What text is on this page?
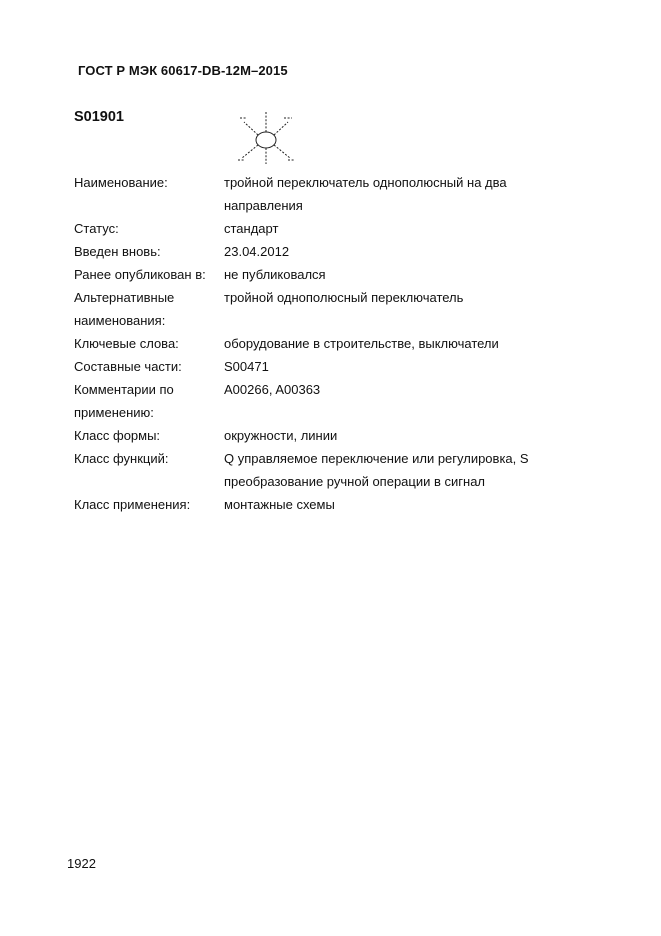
ГОСТ Р МЭК 60617-DB-12M–2015
S01901
Наименование:	тройной переключатель однополюсный на два направления
Статус:	стандарт
Введен вновь:	23.04.2012
Ранее опубликован в:	не публиковался
Альтернативные наименования:
тройной однополюсный переключатель
Ключевые слова:	оборудование в строительстве, выключатели
Составные части:	S00471
Комментарии по применению:
A00266, A00363
Класс формы:	окружности, линии
Класс функций:	Q управляемое переключение или регулировка, S преобразование ручной операции в сигнал
Класс применения:	монтажные схемы
1922
